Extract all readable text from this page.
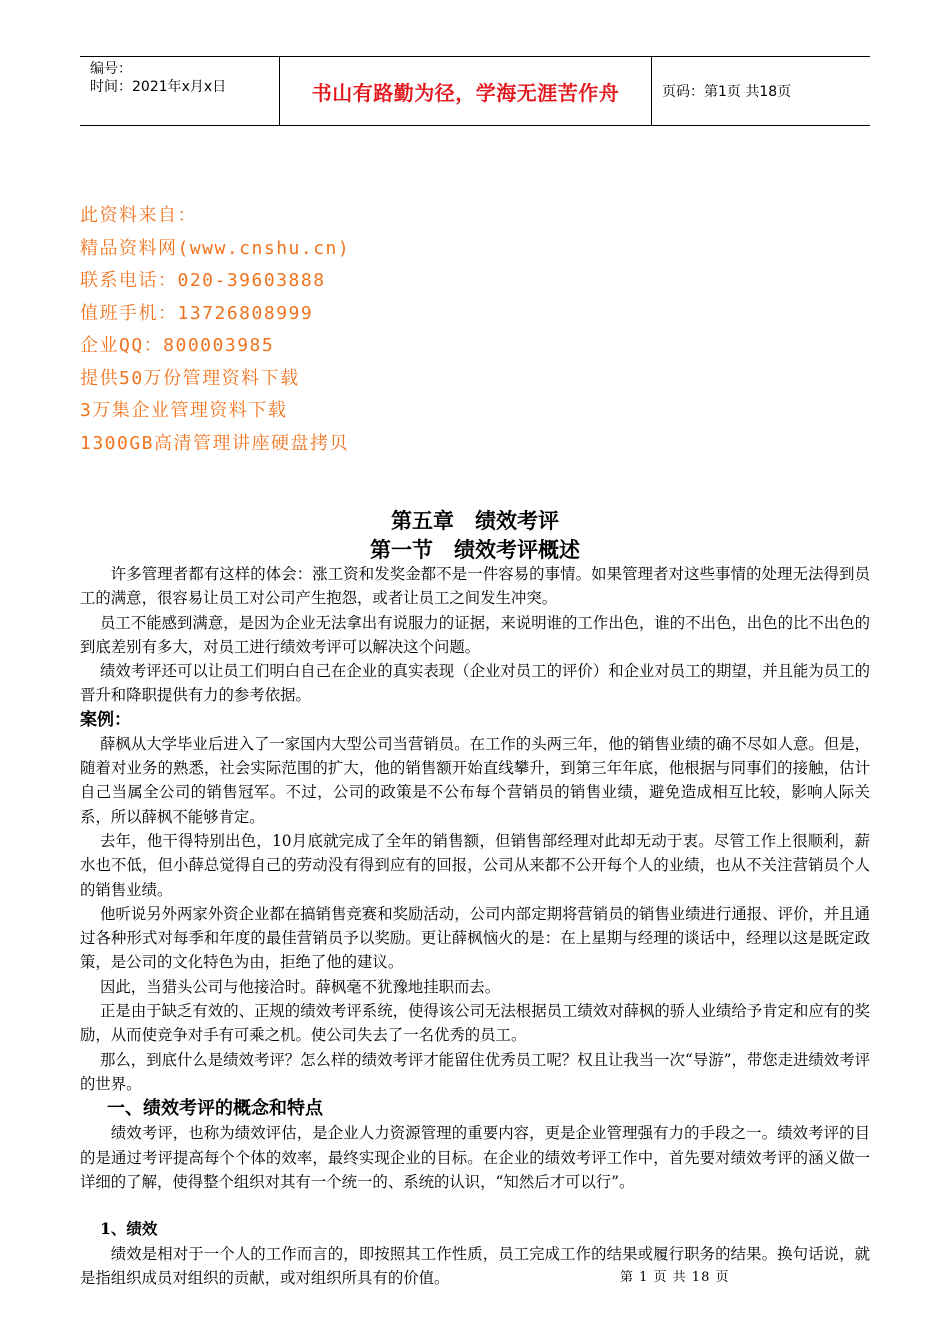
编号：
时间：2021年x月x日	书山有路勤为径，学海无涯苦作舟	页码：第1页 共18页
此资料来自：
精品资料网(www.cnshu.cn)
联系电话：020-39603888
值班手机：13726808999
企业QQ：800003985
提供50万份管理资料下载
3万集企业管理资料下载
1300GB高清管理讲座硬盘拷贝
第五章　绩效考评
第一节　绩效考评概述

许多管理者都有这样的体会：涨工资和发奖金都不是一件容易的事情。如果管理者对这些事情的处理无法得到员工的满意，很容易让员工对公司产生抱怨，或者让员工之间发生冲突。

员工不能感到满意，是因为企业无法拿出有说服力的证据，来说明谁的工作出色，谁的不出色，出色的比不出色的到底差别有多大，对员工进行绩效考评可以解决这个问题。

绩效考评还可以让员工们明白自己在企业的真实表现（企业对员工的评价）和企业对员工的期望，并且能为员工的晋升和降职提供有力的参考依据。

案例：

薛枫从大学毕业后进入了一家国内大型公司当营销员。在工作的头两三年，他的销售业绩的确不尽如人意。但是，随着对业务的熟悉，社会实际范围的扩大，他的销售额开始直线攀升，到第三年年底，他根据与同事们的接触，估计自己当属全公司的销售冠军。不过，公司的政策是不公布每个营销员的销售业绩，避免造成相互比较，影响人际关系，所以薛枫不能够肯定。

去年，他干得特别出色，10月底就完成了全年的销售额，但销售部经理对此却无动于衷。尽管工作上很顺利，薪水也不低，但小薛总觉得自己的劳动没有得到应有的回报，公司从来都不公开每个人的业绩，也从不关注营销员个人的销售业绩。

他听说另外两家外资企业都在搞销售竞赛和奖励活动，公司内部定期将营销员的销售业绩进行通报、评价，并且通过各种形式对每季和年度的最佳营销员予以奖励。更让薛枫恼火的是：在上星期与经理的谈话中，经理以这是既定政策，是公司的文化特色为由，拒绝了他的建议。

因此，当猎头公司与他接洽时。薛枫毫不犹豫地挂职而去。

正是由于缺乏有效的、正规的绩效考评系统，使得该公司无法根据员工绩效对薛枫的骄人业绩给予肯定和应有的奖励，从而使竞争对手有可乘之机。使公司失去了一名优秀的员工。

那么，到底什么是绩效考评？怎么样的绩效考评才能留住优秀员工呢？权且让我当一次“导游”，带您走进绩效考评的世界。

一、绩效考评的概念和特点

绩效考评，也称为绩效评估，是企业人力资源管理的重要内容，更是企业管理强有力的手段之一。绩效考评的目的是通过考评提高每个个体的效率，最终实现企业的目标。在企业的绩效考评工作中，首先要对绩效考评的涵义做一详细的了解，使得整个组织对其有一个统一的、系统的认识，“知然后才可以行”。

1、绩效

绩效是相对于一个人的工作而言的，即按照其工作性质，员工完成工作的结果或履行职务的结果。换句话说，就是指组织成员对组织的贡献，或对组织所具有的价值。	第 1 页 共 18 页
